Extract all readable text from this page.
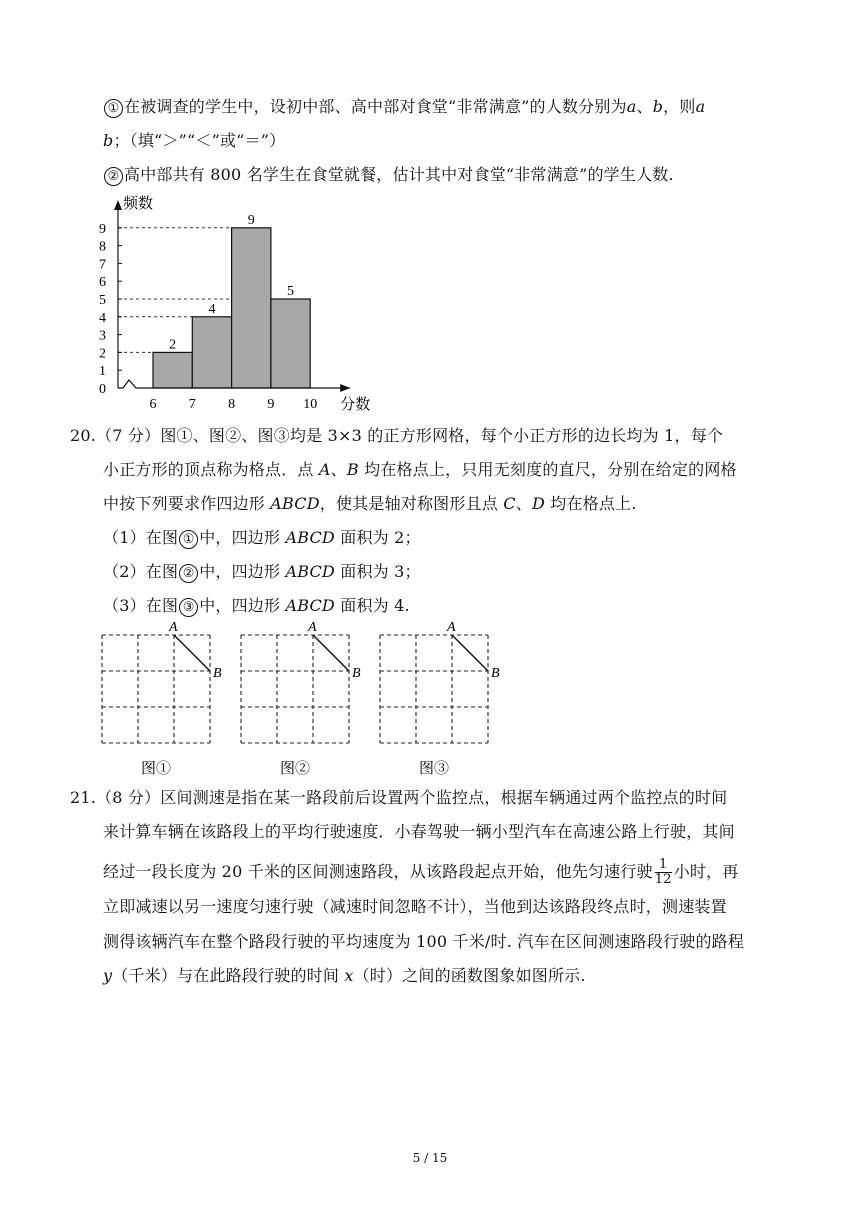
① 在被调查的学生中，设初中部、高中部对食堂“非常满意”的人数分别为a、b，则a
b；（填“＞”“＜”或“＝”）
② 高中部共有 800 名学生在食堂就餐，估计其中对食堂“非常满意”的学生人数.
2
4
9
5
0
1
2
3
4
5
6
7
8
9
6 7 8 9 10
频数
分数
20.（7 分）图①、图②、图③均是 3×3 的正方形网格，每个小正方形的边长均为 1，每个
小正方形的顶点称为格点．点 A、B 均在格点上，只用无刻度的直尺，分别在给定的网格
中按下列要求作四边形 ABCD，使其是轴对称图形且点 C、D 均在格点上.
（1）在图 ① 中，四边形 ABCD 面积为 2；
（2）在图 ② 中，四边形 ABCD 面积为 3；
（3）在图 ③ 中，四边形 ABCD 面积为 4.
A
B
图①
A
B
图②
A
B
图③
21.（8 分）区间测速是指在某一路段前后设置两个监控点，根据车辆通过两个监控点的时间
来计算车辆在该路段上的平均行驶速度．小春驾驶一辆小型汽车在高速公路上行驶，其间
经过一段长度为 20 千米的区间测速路段，从该路段起点开始，他先匀速行驶 $\frac{1}{12}$ 小时，再
立即减速以另一速度匀速行驶（减速时间忽略不计），当他到达该路段终点时，测速装置
测得该辆汽车在整个路段行驶的平均速度为 100 千米/时. 汽车在区间测速路段行驶的路程
y（千米）与在此路段行驶的时间 x（时）之间的函数图象如图所示.
5 / 15
